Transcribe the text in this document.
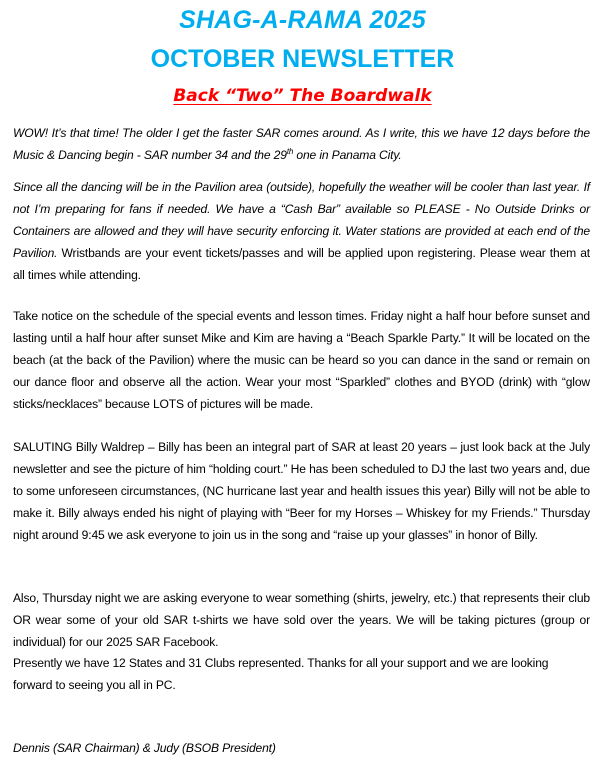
SHAG-A-RAMA 2025
OCTOBER NEWSLETTER
Back “Two” The Boardwalk

WOW! It’s that time! The older I get the faster SAR comes around. As I write, this we have 12 days before the Music & Dancing begin - SAR number 34 and the 29th one in Panama City.

Since all the dancing will be in the Pavilion area (outside), hopefully the weather will be cooler than last year. If not I’m preparing for fans if needed. We have a “Cash Bar” available so PLEASE - No Outside Drinks or Containers are allowed and they will have security enforcing it. Water stations are provided at each end of the Pavilion. Wristbands are your event tickets/passes and will be applied upon registering. Please wear them at all times while attending.

Take notice on the schedule of the special events and lesson times. Friday night a half hour before sunset and lasting until a half hour after sunset Mike and Kim are having a “Beach Sparkle Party.” It will be located on the beach (at the back of the Pavilion) where the music can be heard so you can dance in the sand or remain on our dance floor and observe all the action. Wear your most “Sparkled” clothes and BYOD (drink) with “glow sticks/necklaces” because LOTS of pictures will be made.

SALUTING Billy Waldrep – Billy has been an integral part of SAR at least 20 years – just look back at the July newsletter and see the picture of him “holding court.” He has been scheduled to DJ the last two years and, due to some unforeseen circumstances, (NC hurricane last year and health issues this year) Billy will not be able to make it. Billy always ended his night of playing with “Beer for my Horses – Whiskey for my Friends.” Thursday night around 9:45 we ask everyone to join us in the song and “raise up your glasses” in honor of Billy.

Also, Thursday night we are asking everyone to wear something (shirts, jewelry, etc.) that represents their club OR wear some of your old SAR t-shirts we have sold over the years. We will be taking pictures (group or individual) for our 2025 SAR Facebook.

Presently we have 12 States and 31 Clubs represented. Thanks for all your support and we are looking forward to seeing you all in PC.

Dennis (SAR Chairman) & Judy (BSOB President)
